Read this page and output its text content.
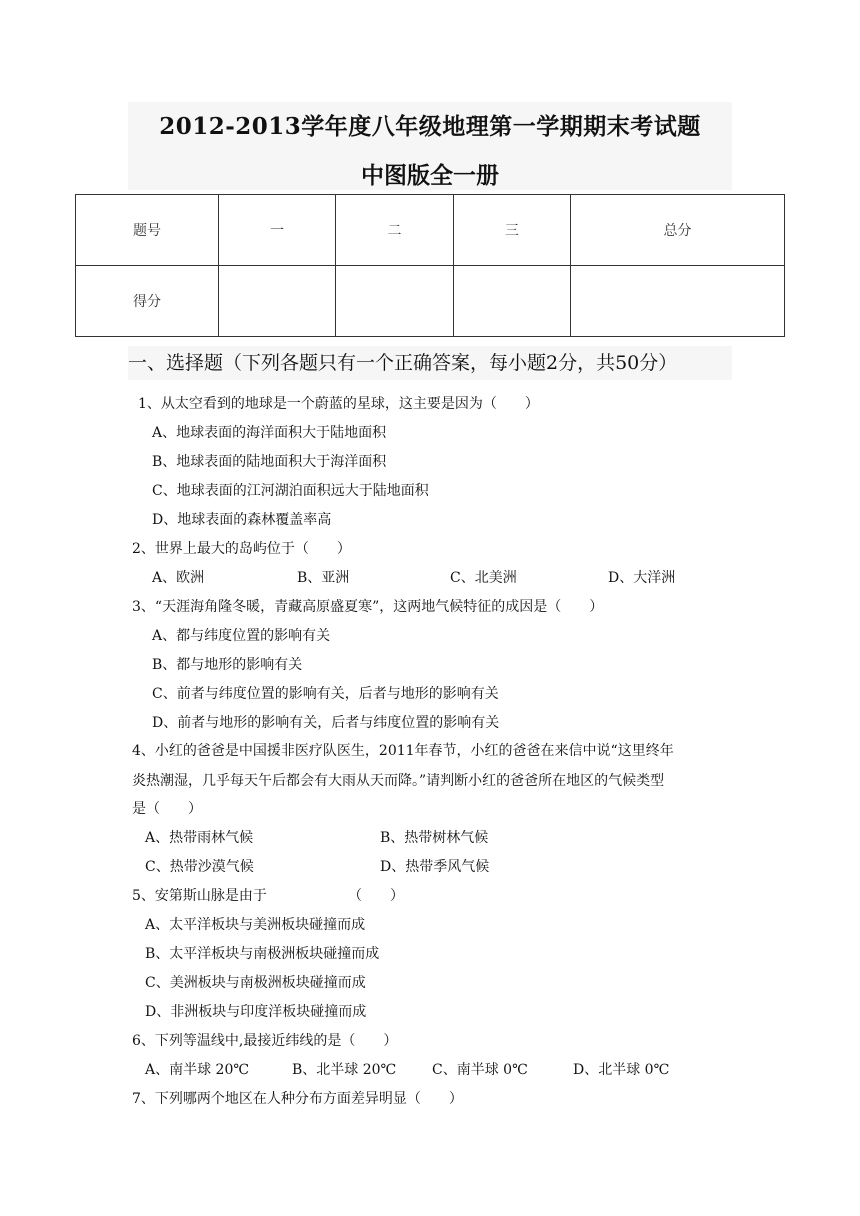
2012-2013学年度八年级地理第一学期期末考试题
中图版全一册
题号	一	二	三	总分
得分				
一、选择题（下列各题只有一个正确答案，每小题2分，共50分）
1、从太空看到的地球是一个蔚蓝的星球，这主要是因为（　　）
A、地球表面的海洋面积大于陆地面积
B、地球表面的陆地面积大于海洋面积
C、地球表面的江河湖泊面积远大于陆地面积
D、地球表面的森林覆盖率高
2、世界上最大的岛屿位于（　　）
A、欧洲	B、亚洲	C、北美洲	D、大洋洲
3、“天涯海角隆冬暖，青藏高原盛夏寒”，这两地气候特征的成因是（　　）
A、都与纬度位置的影响有关
B、都与地形的影响有关
C、前者与纬度位置的影响有关，后者与地形的影响有关
D、前者与地形的影响有关，后者与纬度位置的影响有关
4、小红的爸爸是中国援非医疗队医生，2011年春节，小红的爸爸在来信中说“这里终年
炎热潮湿，几乎每天午后都会有大雨从天而降。”请判断小红的爸爸所在地区的气候类型
是（　　）
A、热带雨林气候	B、热带树林气候
C、热带沙漠气候	D、热带季风气候
5、安第斯山脉是由于	（　　）
A、太平洋板块与美洲板块碰撞而成
B、太平洋板块与南极洲板块碰撞而成
C、美洲板块与南极洲板块碰撞而成
D、非洲板块与印度洋板块碰撞而成
6、下列等温线中,最接近纬线的是（　　）
A、南半球 20℃	B、北半球 20℃	C、南半球 0℃	D、北半球 0℃
7、下列哪两个地区在人种分布方面差异明显（　　）
